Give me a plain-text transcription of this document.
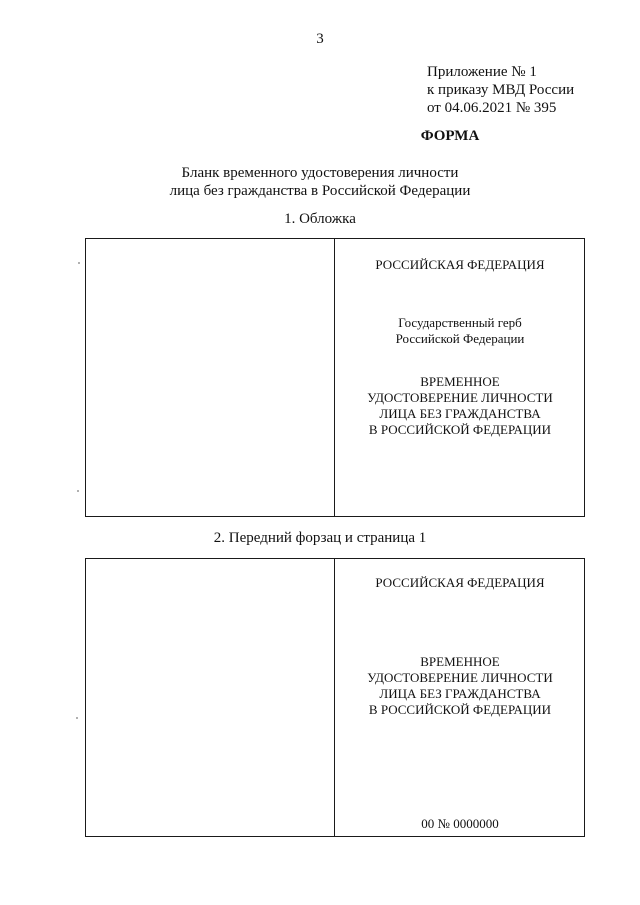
3
Приложение № 1
к приказу МВД России
от 04.06.2021 № 395
ФОРМА
Бланк временного удостоверения личности
лица без гражданства в Российской Федерации
1. Обложка
РОССИЙСКАЯ ФЕДЕРАЦИЯ
Государственный герб
Российской Федерации
ВРЕМЕННОЕ
УДОСТОВЕРЕНИЕ ЛИЧНОСТИ
ЛИЦА БЕЗ ГРАЖДАНСТВА
В РОССИЙСКОЙ ФЕДЕРАЦИИ
2. Передний форзац и страница 1
РОССИЙСКАЯ ФЕДЕРАЦИЯ
ВРЕМЕННОЕ
УДОСТОВЕРЕНИЕ ЛИЧНОСТИ
ЛИЦА БЕЗ ГРАЖДАНСТВА
В РОССИЙСКОЙ ФЕДЕРАЦИИ
00 № 0000000
